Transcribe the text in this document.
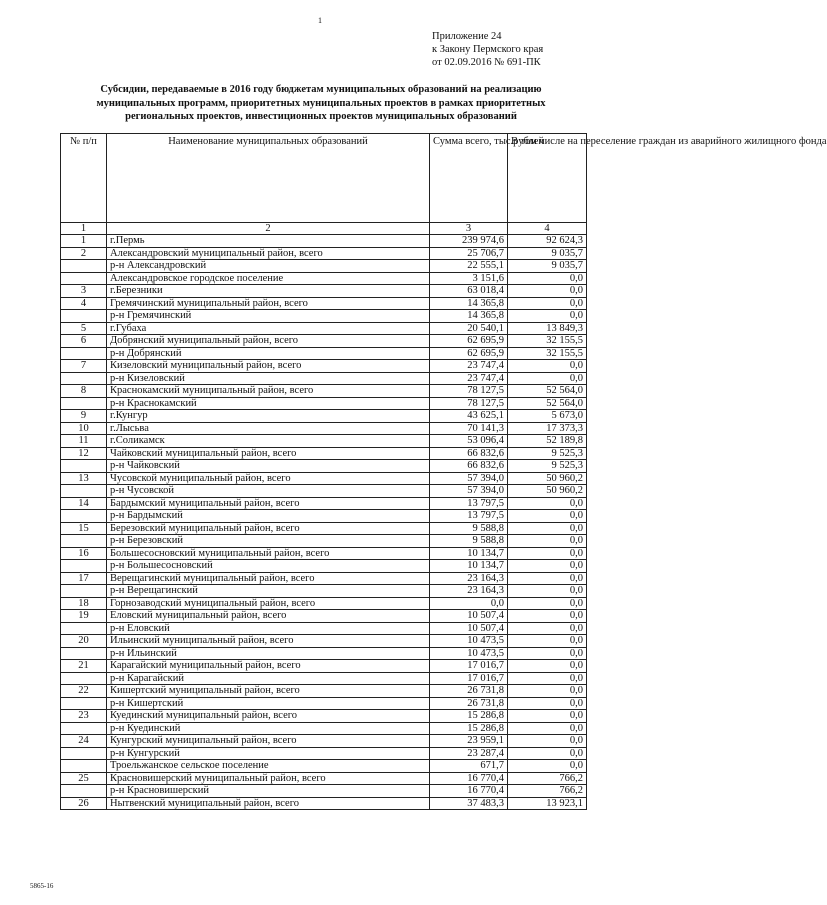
1
Приложение 24
к Закону Пермского края
от 02.09.2016 № 691-ПК
Субсидии, передаваемые в 2016 году бюджетам муниципальных образований на реализацию муниципальных программ, приоритетных муниципальных проектов в рамках приоритетных региональных проектов, инвестиционных проектов муниципальных образований
№ п/п	Наименование муниципальных образований	Сумма всего, тыс.рублей	В том числе на переселение граждан из аварийного жилищного фонда
1	2	3	4
1	г.Пермь	239 974,6	92 624,3
2	Александровский муниципальный район, всего	25 706,7	9 035,7
	р-н Александровский	22 555,1	9 035,7
	Александровское городское поселение	3 151,6	0,0
3	г.Березники	63 018,4	0,0
4	Гремячинский муниципальный район, всего	14 365,8	0,0
	р-н Гремячинский	14 365,8	0,0
5	г.Губаха	20 540,1	13 849,3
6	Добрянский муниципальный район, всего	62 695,9	32 155,5
	р-н Добрянский	62 695,9	32 155,5
7	Кизеловский муниципальный район, всего	23 747,4	0,0
	р-н Кизеловский	23 747,4	0,0
8	Краснокамский муниципальный район, всего	78 127,5	52 564,0
	р-н Краснокамский	78 127,5	52 564,0
9	г.Кунгур	43 625,1	5 673,0
10	г.Лысьва	70 141,3	17 373,3
11	г.Соликамск	53 096,4	52 189,8
12	Чайковский муниципальный район, всего	66 832,6	9 525,3
	р-н Чайковский	66 832,6	9 525,3
13	Чусовской муниципальный район, всего	57 394,0	50 960,2
	р-н Чусовской	57 394,0	50 960,2
14	Бардымский муниципальный район, всего	13 797,5	0,0
	р-н Бардымский	13 797,5	0,0
15	Березовский муниципальный район, всего	9 588,8	0,0
	р-н Березовский	9 588,8	0,0
16	Большесосновский муниципальный район, всего	10 134,7	0,0
	р-н Большесосновский	10 134,7	0,0
17	Верещагинский муниципальный район, всего	23 164,3	0,0
	р-н Верещагинский	23 164,3	0,0
18	Горнозаводский муниципальный район, всего	0,0	0,0
19	Еловский муниципальный район, всего	10 507,4	0,0
	р-н Еловский	10 507,4	0,0
20	Ильинский муниципальный район, всего	10 473,5	0,0
	р-н Ильинский	10 473,5	0,0
21	Карагайский муниципальный район, всего	17 016,7	0,0
	р-н Карагайский	17 016,7	0,0
22	Кишертский муниципальный район, всего	26 731,8	0,0
	р-н Кишертский	26 731,8	0,0
23	Куединский муниципальный район, всего	15 286,8	0,0
	р-н Куединский	15 286,8	0,0
24	Кунгурский муниципальный район, всего	23 959,1	0,0
	р-н Кунгурский	23 287,4	0,0
	Троельжанское сельское поселение	671,7	0,0
25	Красновишерский муниципальный район, всего	16 770,4	766,2
	р-н Красновишерский	16 770,4	766,2
26	Нытвенский муниципальный район, всего	37 483,3	13 923,1
5865-16
